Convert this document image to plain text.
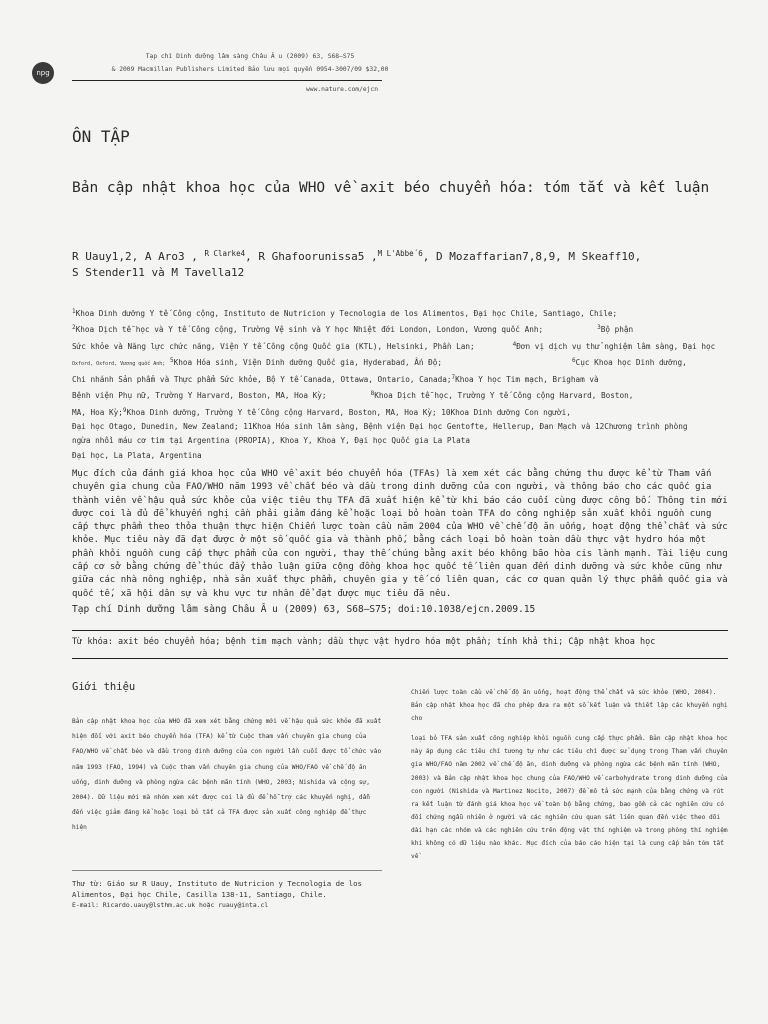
npg
Tạp chí Dinh dưỡng lâm sàng Châu Â u (2009) 63, S68–S75
& 2009 Macmillan Publishers Limited Bảo lưu mọi quyền 0954-3007/09 $32,00
www.nature.com/ejcn
ÔN TẬP
Bản cập nhật khoa học của WHO về axit béo chuyển hóa: tóm tắt và kết luận
R Uauy1,2, A Aro3 , $^{R Clarke4}$, R Ghafoorunissa5 ,$^{M L'Abbe´6}$, D Mozaffarian7,8,9, M Skeaff10,
S Stender11 và M Tavella12
$^1$Khoa Dinh dưỡng Y tế Công cộng, Instituto de Nutricion y Tecnologia de los Alimentos, Đại học Chile, Santiago, Chile;
$^2$Khoa Dịch tễ học và Y tế Công cộng, Trường Vệ sinh và Y học Nhiệt đới London, London, Vương quốc Anh;	$^3$Bộ phận
Sức khỏe và Năng lực chức năng, Viện Y tế Công cộng Quốc gia (KTL), Helsinki, Phần Lan;	$^4$Đơn vị dịch vụ thử nghiệm lâm sàng, Đại học
Oxford, Oxford, Vương quốc Anh; $^5$Khoa Hóa sinh, Viện Dinh dưỡng Quốc gia, Hyderabad, Ấn Độ;	$^6$Cục Khoa học Dinh dưỡng,
Chi nhánh Sản phẩm và Thực phẩm Sức khỏe, Bộ Y tế Canada, Ottawa, Ontario, Canada;$^7$Khoa Y học Tim mạch, Brigham và
Bệnh viện Phụ nữ, Trường Y Harvard, Boston, MA, Hoa Kỳ;	$^8$Khoa Dịch tễ học, Trường Y tế Công cộng Harvard, Boston,
MA, Hoa Kỳ;$^9$Khoa Dinh dưỡng, Trường Y tế Công cộng Harvard, Boston, MA, Hoa Kỳ; 10Khoa Dinh dưỡng Con người,
Đại học Otago, Dunedin, New Zealand; 11Khoa Hóa sinh lâm sàng, Bệnh viện Đại học Gentofte, Hellerup, Đan Mạch và 12Chương trình phòng
ngừa nhồi máu cơ tim tại Argentina (PROPIA), Khoa Y, Khoa Y, Đại học Quốc gia La Plata
Đại học, La Plata, Argentina
Mục đích của đánh giá khoa học của WHO về axit béo chuyển hóa (TFAs) là xem xét các bằng chứng thu được kể từ Tham vấn chuyên gia chung của FAO/WHO năm 1993 về chất béo và dầu trong dinh dưỡng của con người, và thông báo cho các quốc gia thành viên về hậu quả sức khỏe của việc tiêu thụ TFA đã xuất hiện kể từ khi báo cáo cuối cùng được công bố. Thông tin mới được coi là đủ để khuyến nghị cần phải giảm đáng kể hoặc loại bỏ hoàn toàn TFA do công nghiệp sản xuất khỏi nguồn cung cấp thực phẩm theo thỏa thuận thực hiện Chiến lược toàn cầu năm 2004 của WHO về chế độ ăn uống, hoạt động thể chất và sức khỏe. Mục tiêu này đã đạt được ở một số quốc gia và thành phố, bằng cách loại bỏ hoàn toàn dầu thực vật hydro hóa một phần khỏi nguồn cung cấp thực phẩm của con người, thay thế chúng bằng axit béo không bão hòa cis lành mạnh. Tài liệu cung cấp cơ sở bằng chứng để thúc đẩy thảo luận giữa cộng đồng khoa học quốc tế liên quan đến dinh dưỡng và sức khỏe cũng như giữa các nhà nông nghiệp, nhà sản xuất thực phẩm, chuyên gia y tế có liên quan, các cơ quan quản lý thực phẩm quốc gia và quốc tế, xã hội dân sự và khu vực tư nhân để đạt được mục tiêu đã nêu.
Tạp chí Dinh dưỡng lâm sàng Châu Â u (2009) 63, S68–S75; doi:10.1038/ejcn.2009.15
Từ khóa: axit béo chuyển hóa; bệnh tim mạch vành; dầu thực vật hydro hóa một phần; tính khả thi; Cập nhật khoa học
Giới thiệu

Bản cập nhật khoa học của WHO đã xem xét bằng chứng mới về hậu quả sức khỏe đã xuất hiện đối với axit béo chuyển hóa (TFA) kể từ Cuộc tham vấn chuyên gia chung của FAO/WHO về chất béo và dầu trong dinh dưỡng của con người lần cuối được tổ chức vào năm 1993 (FAO, 1994) và Cuộc tham vấn chuyên gia chung của WHO/FAO về chế độ ăn uống, dinh dưỡng và phòng ngừa các bệnh mãn tính (WHO, 2003; Nishida và cộng sự, 2004). Dữ liệu mới mà nhóm xem xét được coi là đủ để hỗ trợ các khuyến nghị, dẫn đến việc giảm đáng kể hoặc loại bỏ tất cả TFA được sản xuất công nghiệp để thực hiện

Chiến lược toàn cầu về chế độ ăn uống, hoạt động thể chất và sức khỏe (WHO, 2004). Bản cập nhật khoa học đã cho phép đưa ra một số kết luận và thiết lập các khuyến nghị cho

loại bỏ TFA sản xuất công nghiệp khỏi nguồn cung cấp thực phẩm. Bản cập nhật khoa học này áp dụng các tiêu chí tương tự như các tiêu chí được sử dụng trong Tham vấn chuyên gia WHO/FAO năm 2002 về chế độ ăn, dinh dưỡng và phòng ngừa các bệnh mãn tính (WHO, 2003) và Bản cập nhật khoa học chung của FAO/WHO về carbohydrate trong dinh dưỡng của con người (Nishida và Martinez Nocito, 2007) để mô tả sức mạnh của bằng chứng và rút ra kết luận từ đánh giá khoa học về toàn bộ bằng chứng, bao gồm cả các nghiên cứu có đối chứng ngẫu nhiên ở người và các nghiên cứu quan sát liên quan đến việc theo dõi dài hạn các nhóm và các nghiên cứu trên động vật thí nghiệm và trong phòng thí nghiệm khi không có dữ liệu nào khác. Mục đích của báo cáo hiện tại là cung cấp bản tóm tắt về

Thư từ: Giáo sư R Uauy, Instituto de Nutricion y Tecnologia de los
Alimentos, Đại học Chile, Casilla 138-11, Santiago, Chile.
E-mail: Ricardo.uauy@lsthm.ac.uk hoặc ruauy@inta.cl
